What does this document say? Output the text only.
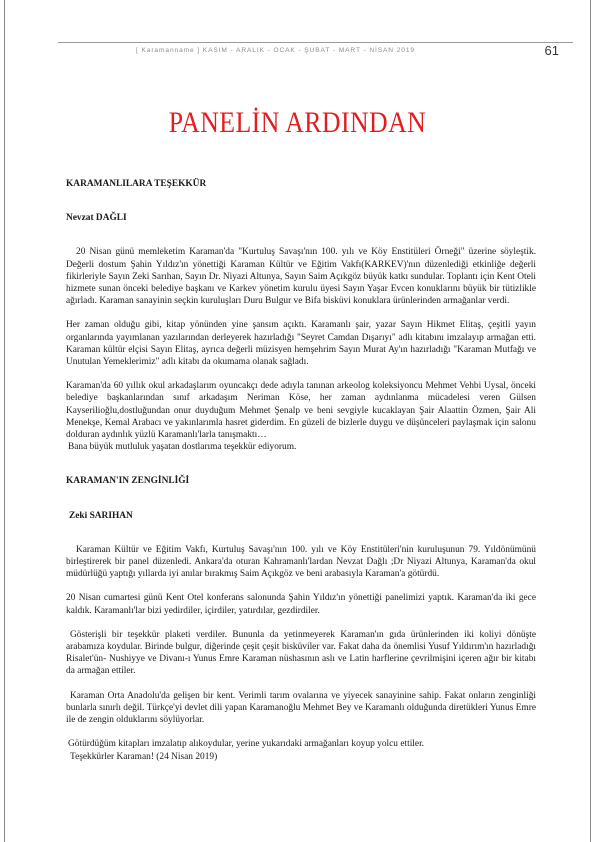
[ Karamanname ] KASIM - ARALIK - OCAK - ŞUBAT - MART - NİSAN 2019	61
PANELİN ARDINDAN
KARAMANLILARA TEŞEKKÜR
Nevzat DAĞLI

20 Nisan günü memleketim Karaman'da "Kurtuluş Savaşı'nın 100. yılı ve Köy Enstitüleri Örneği" üzerine söyleştik. Değerli dostum Şahin Yıldız'ın yönettiği Karaman Kültür ve Eğitim Vakfı(KARKEV)'nın düzenlediği etkinliğe değerli fikirleriyle Sayın Zeki Sarıhan, Sayın Dr. Niyazi Altunya, Sayın Saim Açıkgöz büyük katkı sundular. Toplantı için Kent Oteli hizmete sunan önceki belediye başkanı ve Karkev yönetim kurulu üyesi Sayın Yaşar Evcen konuklarını büyük bir tütizlikle ağırladı. Karaman sanayinin seçkin kuruluşları Duru Bulgur ve Bifa bisküvi konuklara ürünlerinden armağanlar verdi.

Her zaman olduğu gibi, kitap yönünden yine şansım açıktı. Karamanlı şair, yazar Sayın Hikmet Elitaş, çeşitli yayın organlarında yayımlanan yazılarından derleyerek hazırladığı "Seyret Camdan Dışarıyı" adlı kitabını imzalayıp armağan etti. Karaman kültür elçisi Sayın Elitaş, ayrıca değerli müzisyen hemşehrim Sayın Murat Ay'ın hazırladığı "Karaman Mutfağı ve Unutulan Yemeklerimiz" adlı kitabı da okumama olanak sağladı.

Karaman'da 60 yıllık okul arkadaşlarım oyuncakçı dede adıyla tanınan arkeolog koleksiyoncu Mehmet Vehbi Uysal, önceki belediye başkanlarından sınıf arkadaşım Neriman Köse, her zaman aydınlanma mücadelesi veren Gülsen Kayserilioğlu,dostluğundan onur duyduğum Mehmet Şenalp ve beni sevgiyle kucaklayan Şair Alaattin Özmen, Şair Ali Menekşe, Kemal Arabacı ve yakınlarımla hasret giderdim. En güzeli de bizlerle duygu ve düşünceleri paylaşmak için salonu dolduran aydınlık yüzlü Karamanlı'larla tanışmaktı…

Bana büyük mutluluk yaşatan dostlarıma teşekkür ediyorum.

KARAMAN'IN ZENGİNLİĞİ
Zeki SARIHAN

Karaman Kültür ve Eğitim Vakfı, Kurtuluş Savaşı'nın 100. yılı ve Köy Enstitüleri'nin kuruluşunun 79. Yıldönümünü birleştirerek bir panel düzenledi. Ankara'da oturan Kahramanlı'lardan Nevzat Dağlı ;Dr Niyazi Altunya, Karaman'da okul müdürlüğü yaptığı yıllarda iyi anılar bırakmış Saim Açıkgöz ve beni arabasıyla Karaman'a götürdü.

20 Nisan cumartesi günü Kent Otel konferans salonunda Şahin Yıldız'ın yönettiği panelimizi yaptık. Karaman'da iki gece kaldık. Karamanlı'lar bizi yedirdiler, içirdiler, yatırdılar, gezdirdiler.

Gösterişli bir teşekkür plaketi verdiler. Bununla da yetinmeyerek Karaman'ın gıda ürünlerinden iki koliyi dönüşte arabamıza koydular. Birinde bulgur, diğerinde çeşit çeşit bisküviler var. Fakat daha da önemlisi Yusuf Yıldırım'ın hazırladığı Risalet'ün- Nushiyye ve Divanı-ı Yunus Emre Karaman nüshasının aslı ve Latin harflerine çevrilmişini içeren ağır bir kitabı da armağan ettiler.

Karaman Orta Anadolu'da gelişen bir kent. Verimli tarım ovalarına ve yiyecek sanayinine sahip. Fakat onların zenginliği bunlarla sınırlı değil. Türkçe'yi devlet dili yapan Karamanoğlu Mehmet Bey ve Karamanlı olduğunda diretükleri Yunus Emre ile de zengin olduklarını söylüyorlar.

Götürdüğüm kitapları imzalatıp alıkoydular, yerine yukarıdaki armağanları koyup yolcu ettiler.

Teşekkürler Karaman! (24 Nisan 2019)
